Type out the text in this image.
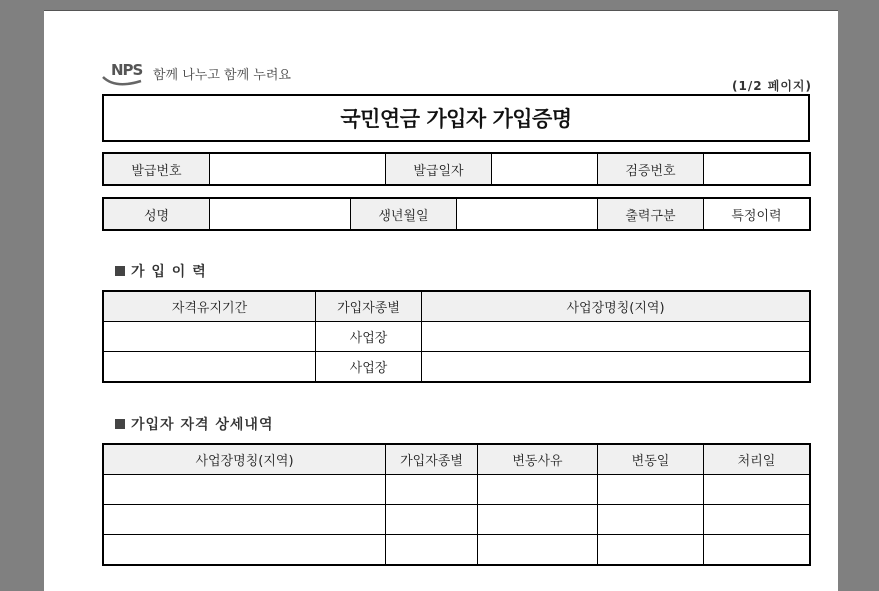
NPS 함께 나누고 함께 누려요
(1/2 페이지)
국민연금 가입자 가입증명
발급번호		발급일자		검증번호	
성명		생년월일		출력구분	특정이력
가 입 이 력
자격유지기간	가입자종별	사업장명칭(지역)
	사업장	
	사업장	
가입자 자격 상세내역
사업장명칭(지역)	가입자종별	변동사유	변동일	처리일
